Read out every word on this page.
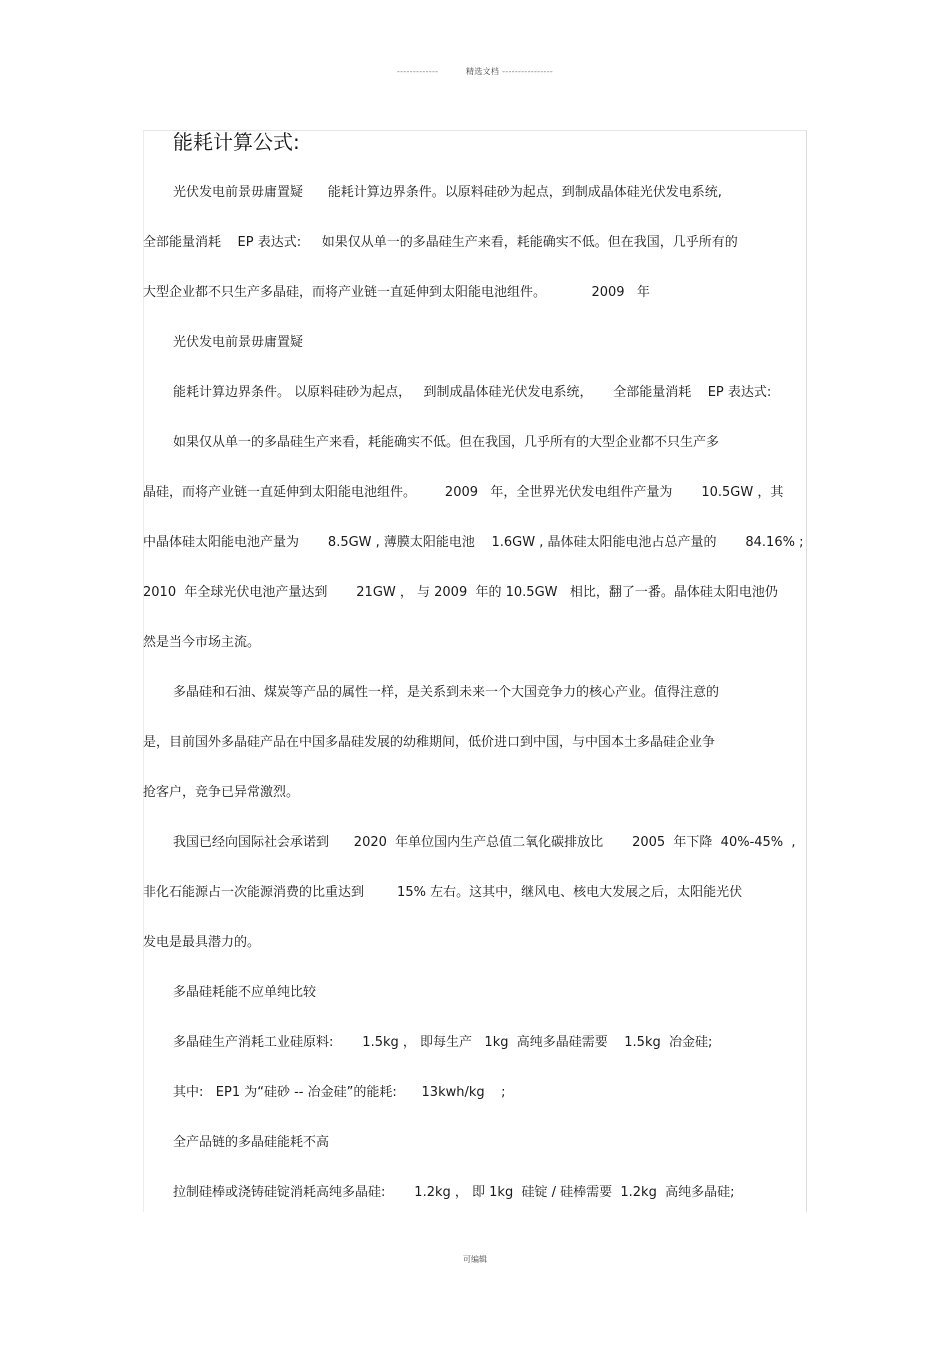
-------------	精选文档 ----------------
能耗计算公式:
光伏发电前景毋庸置疑      能耗计算边界条件。以原料硅砂为起点，到制成晶体硅光伏发电系统,
全部能量消耗    EP 表达式:     如果仅从单一的多晶硅生产来看，耗能确实不低。但在我国，几乎所有的
大型企业都不只生产多晶硅，而将产业链一直延伸到太阳能电池组件。           2009   年
光伏发电前景毋庸置疑
能耗计算边界条件。 以原料硅砂为起点，   到制成晶体硅光伏发电系统，     全部能量消耗    EP 表达式:
如果仅从单一的多晶硅生产来看，耗能确实不低。但在我国，几乎所有的大型企业都不只生产多
晶硅，而将产业链一直延伸到太阳能电池组件。       2009   年，全世界光伏发电组件产量为       10.5GW ，其
中晶体硅太阳能电池产量为       8.5GW , 薄膜太阳能电池    1.6GW , 晶体硅太阳能电池占总产量的       84.16% ;
2010  年全球光伏电池产量达到       21GW ， 与 2009  年的 10.5GW   相比，翻了一番。晶体硅太阳电池仍
然是当今市场主流。
多晶硅和石油、煤炭等产品的属性一样，是关系到未来一个大国竞争力的核心产业。值得注意的
是，目前国外多晶硅产品在中国多晶硅发展的幼稚期间，低价进口到中国，与中国本土多晶硅企业争
抢客户，竞争已异常激烈。
我国已经向国际社会承诺到      2020  年单位国内生产总值二氧化碳排放比       2005  年下降  40%-45%  ,
非化石能源占一次能源消费的比重达到        15% 左右。这其中，继风电、核电大发展之后，太阳能光伏
发电是最具潜力的。
多晶硅耗能不应单纯比较
多晶硅生产消耗工业硅原料:       1.5kg ， 即每生产   1kg  高纯多晶硅需要    1.5kg  冶金硅;
其中:   EP1 为“硅砂 -- 冶金硅”的能耗:      13kwh/kg    ;
全产品链的多晶硅能耗不高
拉制硅棒或浇铸硅锭消耗高纯多晶硅:       1.2kg ， 即 1kg  硅锭 / 硅棒需要  1.2kg  高纯多晶硅;
可编辑
